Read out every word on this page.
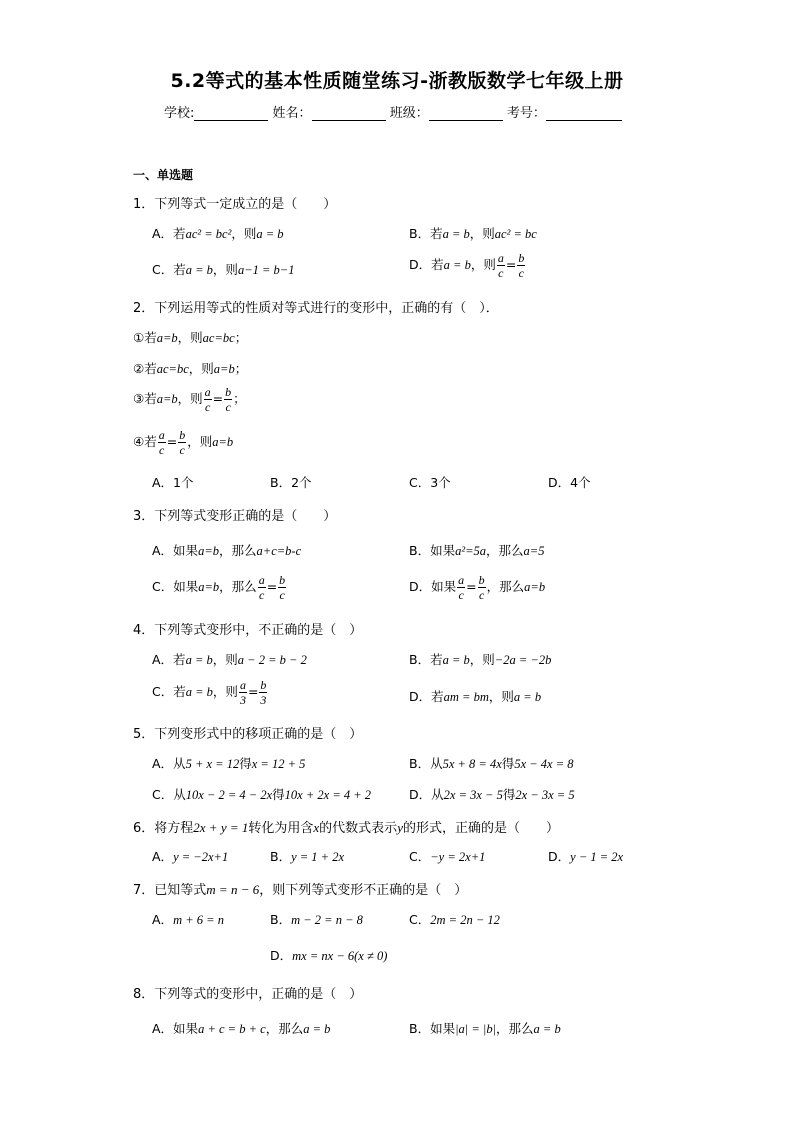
5.2等式的基本性质随堂练习-浙教版数学七年级上册
学校:	姓名：	班级：	考号：
一、单选题
1．下列等式一定成立的是（　　）
A．若ac² = bc²，则a = b	B．若a = b，则ac² = bc
C．若a = b，则a−1 = b−1	D．若a = b，则 $\frac{a}{c} = \frac{b}{c}$
2．下列运用等式的性质对等式进行的变形中，正确的有（　）．
①若a=b，则ac=bc；
②若ac=bc，则a=b；
③若a=b，则 $\frac{a}{c} = \frac{b}{c}$ ；
④若 $\frac{a}{c} = \frac{b}{c}$ ，则a=b
A．1个	B．2个	C．3个	D．4个
3．下列等式变形正确的是（　　）
A．如果a=b，那么a+c=b-c	B．如果a²=5a，那么a=5
C．如果a=b，那么 $\frac{a}{c} = \frac{b}{c}$	D．如果 $\frac{a}{c} = \frac{b}{c}$ ，那么a=b
4．下列等式变形中，不正确的是（　）
A．若a = b，则a − 2 = b − 2	B．若a = b，则−2a = −2b
C．若a = b，则 $\frac{a}{3} = \frac{b}{3}$	D．若am = bm，则a = b
5．下列变形式中的移项正确的是（　）
A．从5 + x = 12得x = 12 + 5	B．从5x + 8 = 4x得5x − 4x = 8
C．从10x − 2 = 4 − 2x得10x + 2x = 4 + 2	D．从2x = 3x − 5得2x − 3x = 5
6．将方程2x + y = 1转化为用含x的代数式表示y的形式，正确的是（　　）
A．y = −2x+1	B．y = 1 + 2x	C．−y = 2x+1	D．y − 1 = 2x
7．已知等式m = n − 6，则下列等式变形不正确的是（　）
A．m + 6 = n	B．m − 2 = n − 8	C．2m = 2n − 12
D．mx = nx − 6(x ≠ 0)
8．下列等式的变形中，正确的是（　）
A．如果a + c = b + c，那么a = b	B．如果|a| = |b|，那么a = b
